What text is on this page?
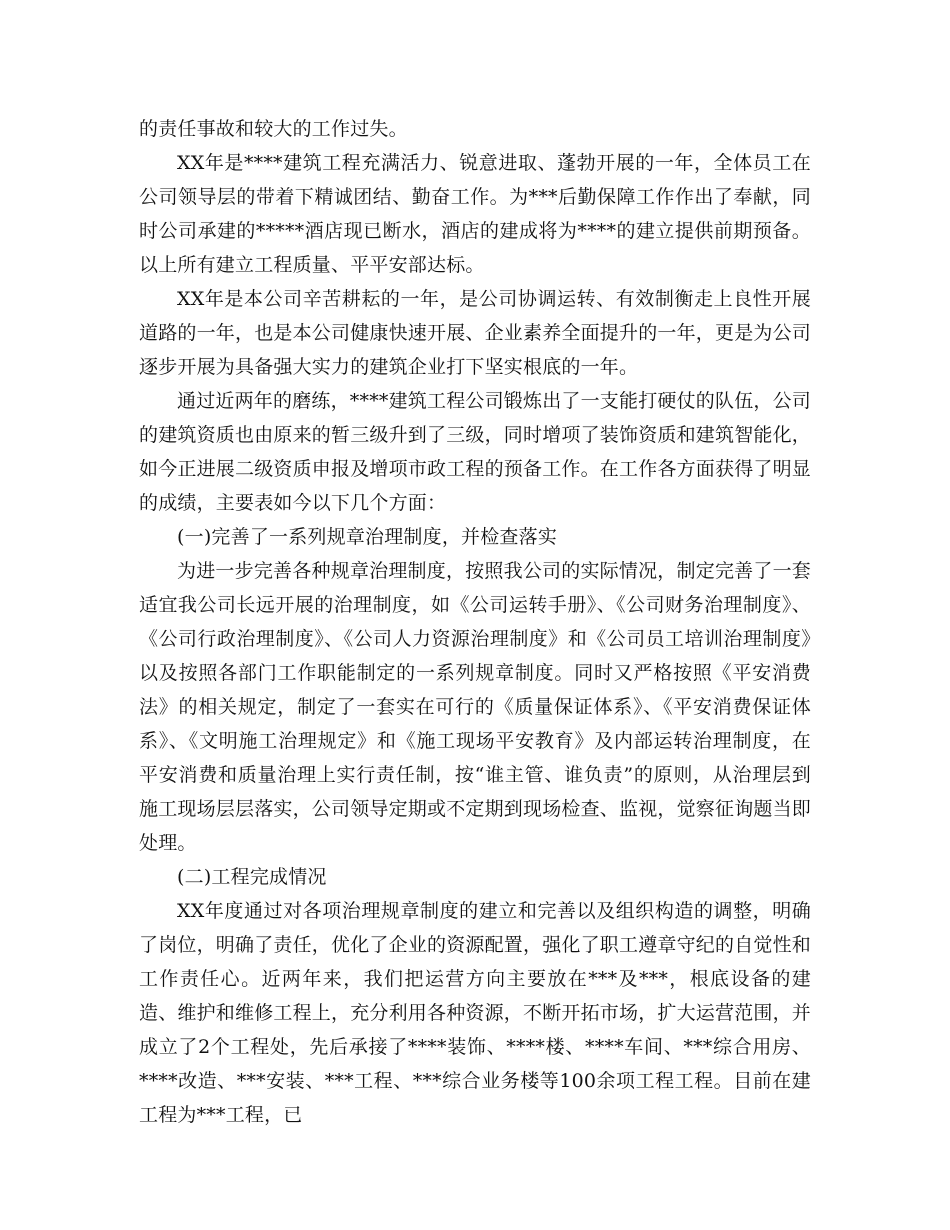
的责任事故和较大的工作过失。

XX年是****建筑工程充满活力、锐意进取、蓬勃开展的一年，全体员工在公司领导层的带着下精诚团结、勤奋工作。为***后勤保障工作作出了奉献，同时公司承建的*****酒店现已断水，酒店的建成将为****的建立提供前期预备。以上所有建立工程质量、平平安部达标。

XX年是本公司辛苦耕耘的一年，是公司协调运转、有效制衡走上良性开展道路的一年，也是本公司健康快速开展、企业素养全面提升的一年，更是为公司逐步开展为具备强大实力的建筑企业打下坚实根底的一年。

通过近两年的磨练，****建筑工程公司锻炼出了一支能打硬仗的队伍，公司的建筑资质也由原来的暂三级升到了三级，同时增项了装饰资质和建筑智能化，如今正进展二级资质申报及增项市政工程的预备工作。在工作各方面获得了明显的成绩，主要表如今以下几个方面：

(一)完善了一系列规章治理制度，并检查落实

为进一步完善各种规章治理制度，按照我公司的实际情况，制定完善了一套适宜我公司长远开展的治理制度，如《公司运转手册》、《公司财务治理制度》、《公司行政治理制度》、《公司人力资源治理制度》和《公司员工培训治理制度》以及按照各部门工作职能制定的一系列规章制度。同时又严格按照《平安消费法》的相关规定，制定了一套实在可行的《质量保证体系》、《平安消费保证体系》、《文明施工治理规定》和《施工现场平安教育》及内部运转治理制度，在平安消费和质量治理上实行责任制，按“谁主管、谁负责”的原则，从治理层到施工现场层层落实，公司领导定期或不定期到现场检查、监视，觉察征询题当即处理。

(二)工程完成情况

XX年度通过对各项治理规章制度的建立和完善以及组织构造的调整，明确了岗位，明确了责任，优化了企业的资源配置，强化了职工遵章守纪的自觉性和工作责任心。近两年来，我们把运营方向主要放在***及***，根底设备的建造、维护和维修工程上，充分利用各种资源，不断开拓市场，扩大运营范围，并成立了2个工程处，先后承接了****装饰、****楼、****车间、***综合用房、****改造、***安装、***工程、***综合业务楼等100余项工程工程。目前在建工程为***工程，已
